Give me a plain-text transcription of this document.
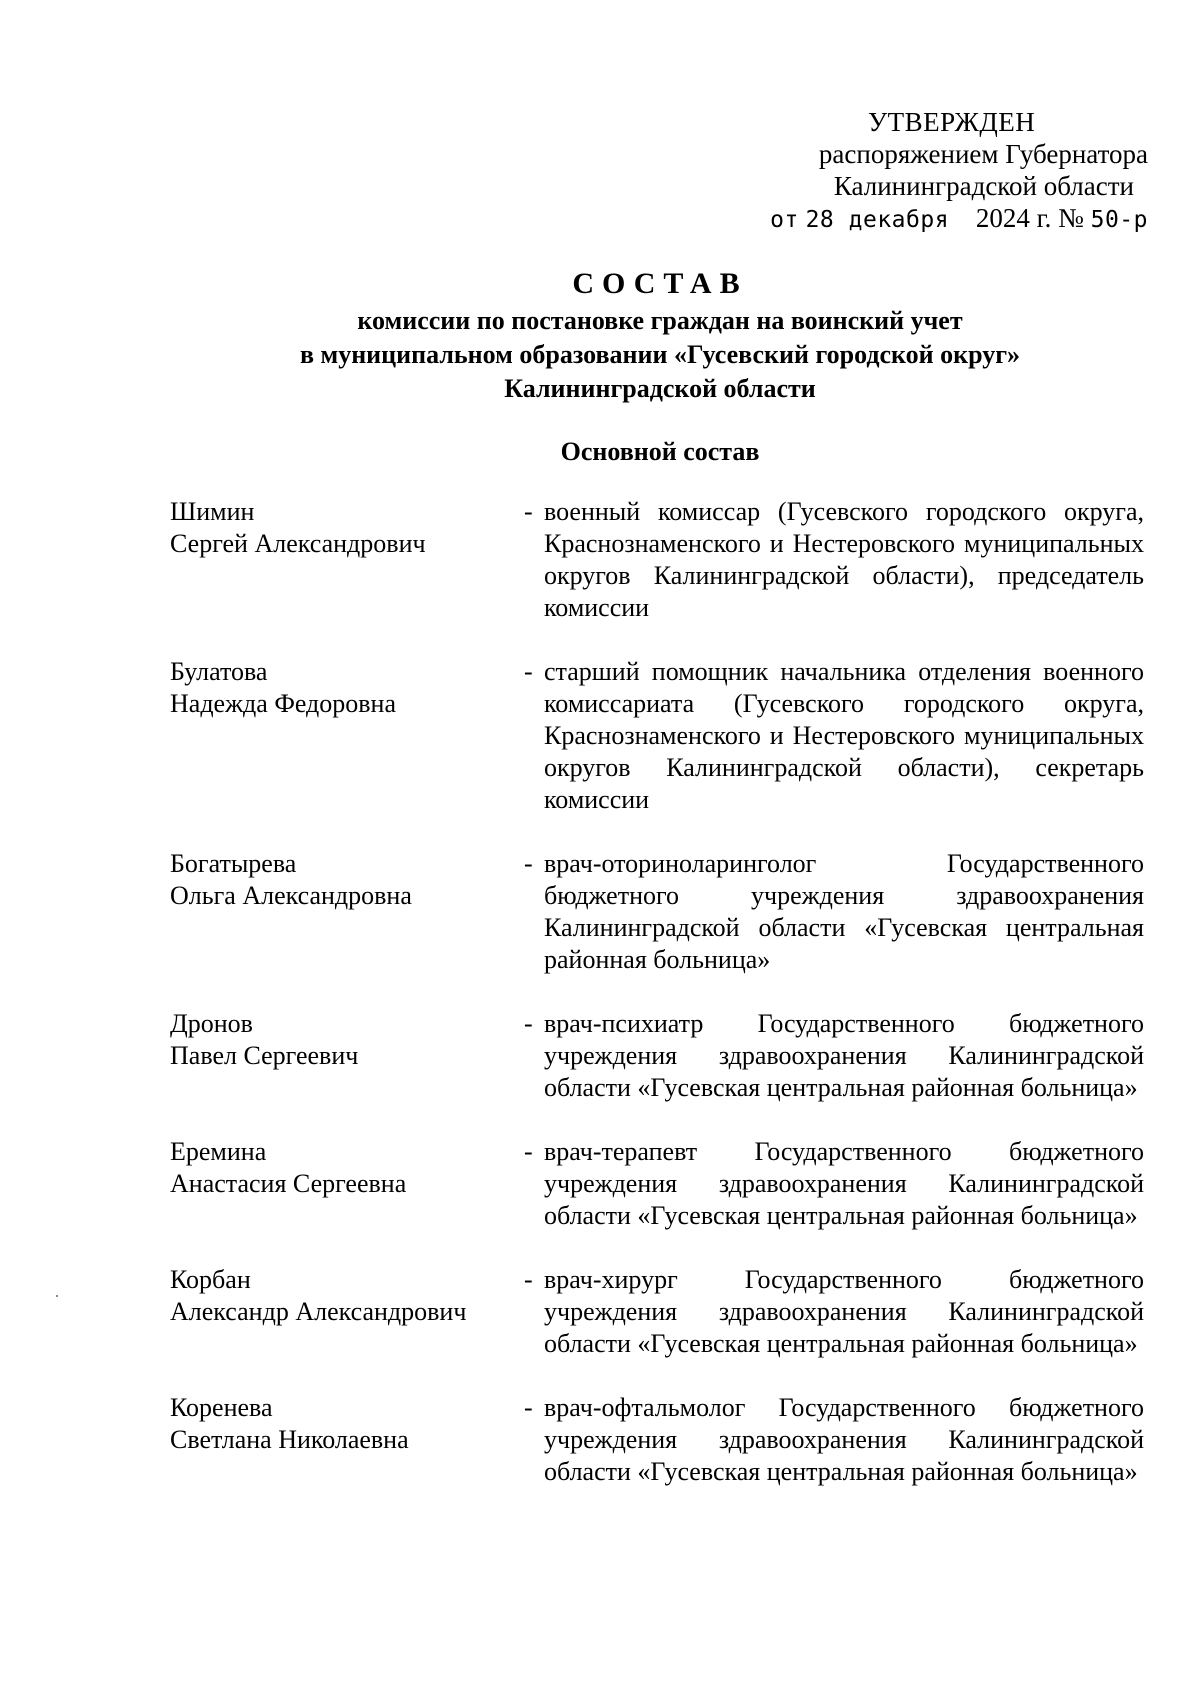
УТВЕРЖДЕН
распоряжением Губернатора
Калининградской области
от 28 декабря 2024 г. № 50-р
СОСТАВ
комиссии по постановке граждан на воинский учет
в муниципальном образовании «Гусевский городской округ»
Калининградской области
Основной состав
Шимин
Сергей Александрович
- военный комиссар (Гусевского городского округа, Краснознаменского и Нестеровского муниципальных округов Калининградской области), председатель комиссии
Булатова
Надежда Федоровна
- старший помощник начальника отделения военного комиссариата (Гусевского городского округа, Краснознаменского и Нестеровского муниципальных округов Калининградской области), секретарь комиссии
Богатырева
Ольга Александровна
- врач-оториноларинголог Государственного бюджетного учреждения здравоохранения Калининградской области «Гусевская центральная районная больница»
Дронов
Павел Сергеевич
- врач-психиатр Государственного бюджетного учреждения здравоохранения Калининградской области «Гусевская центральная районная больница»
Еремина
Анастасия Сергеевна
- врач-терапевт Государственного бюджетного учреждения здравоохранения Калининградской области «Гусевская центральная районная больница»
Корбан
Александр Александрович
- врач-хирург Государственного бюджетного учреждения здравоохранения Калининградской области «Гусевская центральная районная больница»
Коренева
Светлана Николаевна
- врач-офтальмолог Государственного бюджетного учреждения здравоохранения Калининградской области «Гусевская центральная районная больница»
